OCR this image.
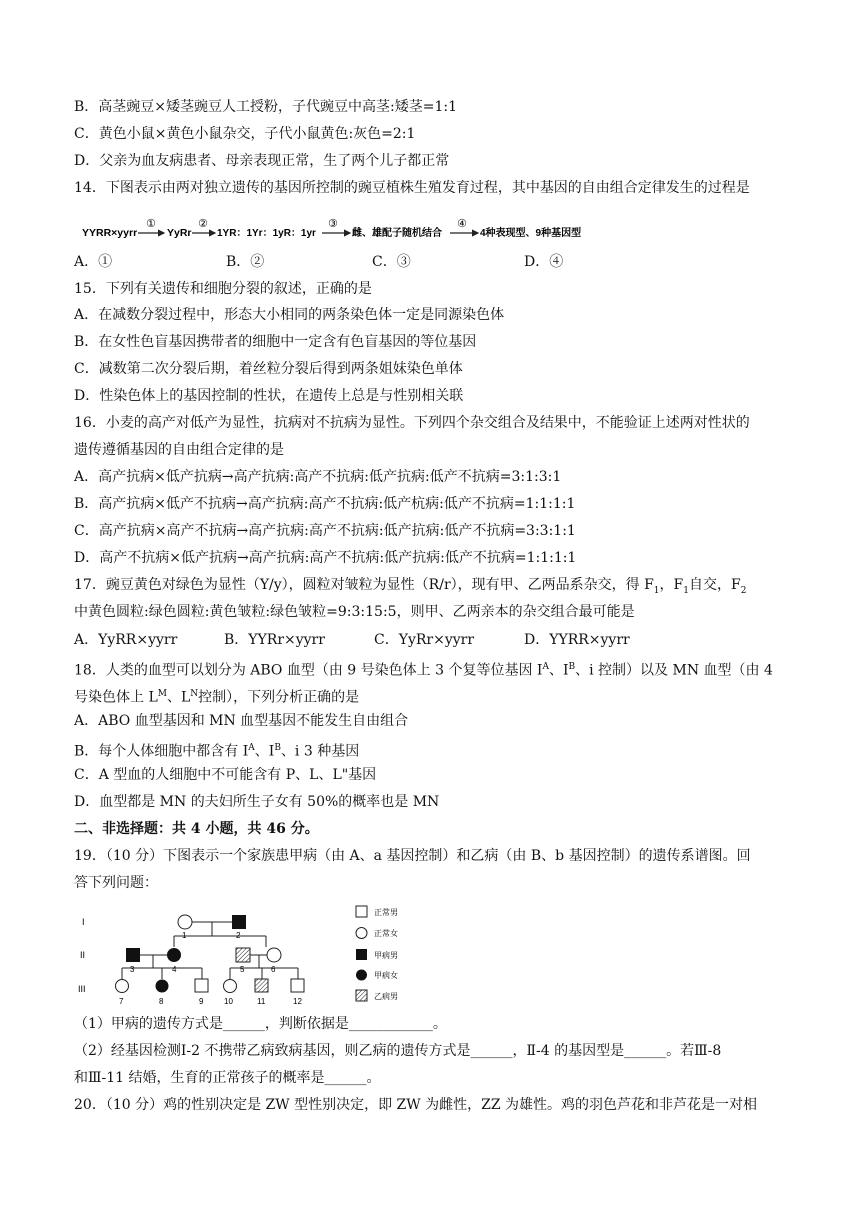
B．高茎豌豆×矮茎豌豆人工授粉，子代豌豆中高茎:矮茎=1:1
C．黄色小鼠×黄色小鼠杂交，子代小鼠黄色:灰色=2:1
D．父亲为血友病患者、母亲表现正常，生了两个儿子都正常
14．下图表示由两对独立遗传的基因所控制的豌豆植株生殖发育过程，其中基因的自由组合定律发生的过程是
YYRR×yyrr
①
YyRr
②
1YR：1Yr：1yR：1yr
③
雌、雄配子随机结合
④
4种表现型、9种基因型
A．①	B．②	C．③	D．④
15．下列有关遗传和细胞分裂的叙述，正确的是
A．在减数分裂过程中，形态大小相同的两条染色体一定是同源染色体
B．在女性色盲基因携带者的细胞中一定含有色盲基因的等位基因
C．减数第二次分裂后期，着丝粒分裂后得到两条姐妹染色单体
D．性染色体上的基因控制的性状，在遗传上总是与性别相关联
16．小麦的高产对低产为显性，抗病对不抗病为显性。下列四个杂交组合及结果中，不能验证上述两对性状的
遗传遵循基因的自由组合定律的是
A．高产抗病×低产抗病→高产抗病:高产不抗病:低产抗病:低产不抗病=3:1:3:1
B．高产抗病×低产不抗病→高产抗病:高产不抗病:低产杭病:低产不抗病=1:1:1:1
C．高产抗病×高产不抗病→高产抗病:高产不抗病:低产抗病:低产不抗病=3:3:1:1
D．高产不抗病×低产抗病→高产抗病:高产不抗病:低产抗病:低产不抗病=1:1:1:1
17．豌豆黄色对绿色为显性（Y/y），圆粒对皱粒为显性（R/r），现有甲、乙两品系杂交，得 $F_1$，$F_1$自交，$F_2$
中黄色圆粒:绿色圆粒:黄色皱粒:绿色皱粒=9:3:15:5，则甲、乙两亲本的杂交组合最可能是
A．YyRR×yyrr	B．YYRr×yyrr	C．YyRr×yyrr	D．YYRR×yyrr
18．人类的血型可以划分为 ABO 血型（由 9 号染色体上 3 个复等位基因 $I^A$、$I^B$、i 控制）以及 MN 血型（由 4
号染色体上 $L^M$、$L^N$控制），下列分析正确的是
A．ABO 血型基因和 MN 血型基因不能发生自由组合
B．每个人体细胞中都含有 $I^A$、$I^B$、i 3 种基因
C．A 型血的人细胞中不可能含有 P、L、L"基因
D．血型都是 MN 的夫妇所生子女有 50%的概率也是 MN
二、非选择题：共 4 小题，共 46 分。
19．（10 分）下图表示一个家族患甲病（由 A、a 基因控制）和乙病（由 B、b 基因控制）的遗传系谱图。回
答下列问题：
I
II
III
1	2
3	4	5	6
7	8	9	10	11	12
正常男
正常女
甲病男
甲病女
乙病男
（1）甲病的遗传方式是______，判断依据是____________。
（2）经基因检测Ⅰ-2 不携带乙病致病基因，则乙病的遗传方式是______，Ⅱ-4 的基因型是______。若Ⅲ-8
和Ⅲ-11 结婚，生育的正常孩子的概率是______。
20．（10 分）鸡的性别决定是 ZW 型性别决定，即 ZW 为雌性，ZZ 为雄性。鸡的羽色芦花和非芦花是一对相
